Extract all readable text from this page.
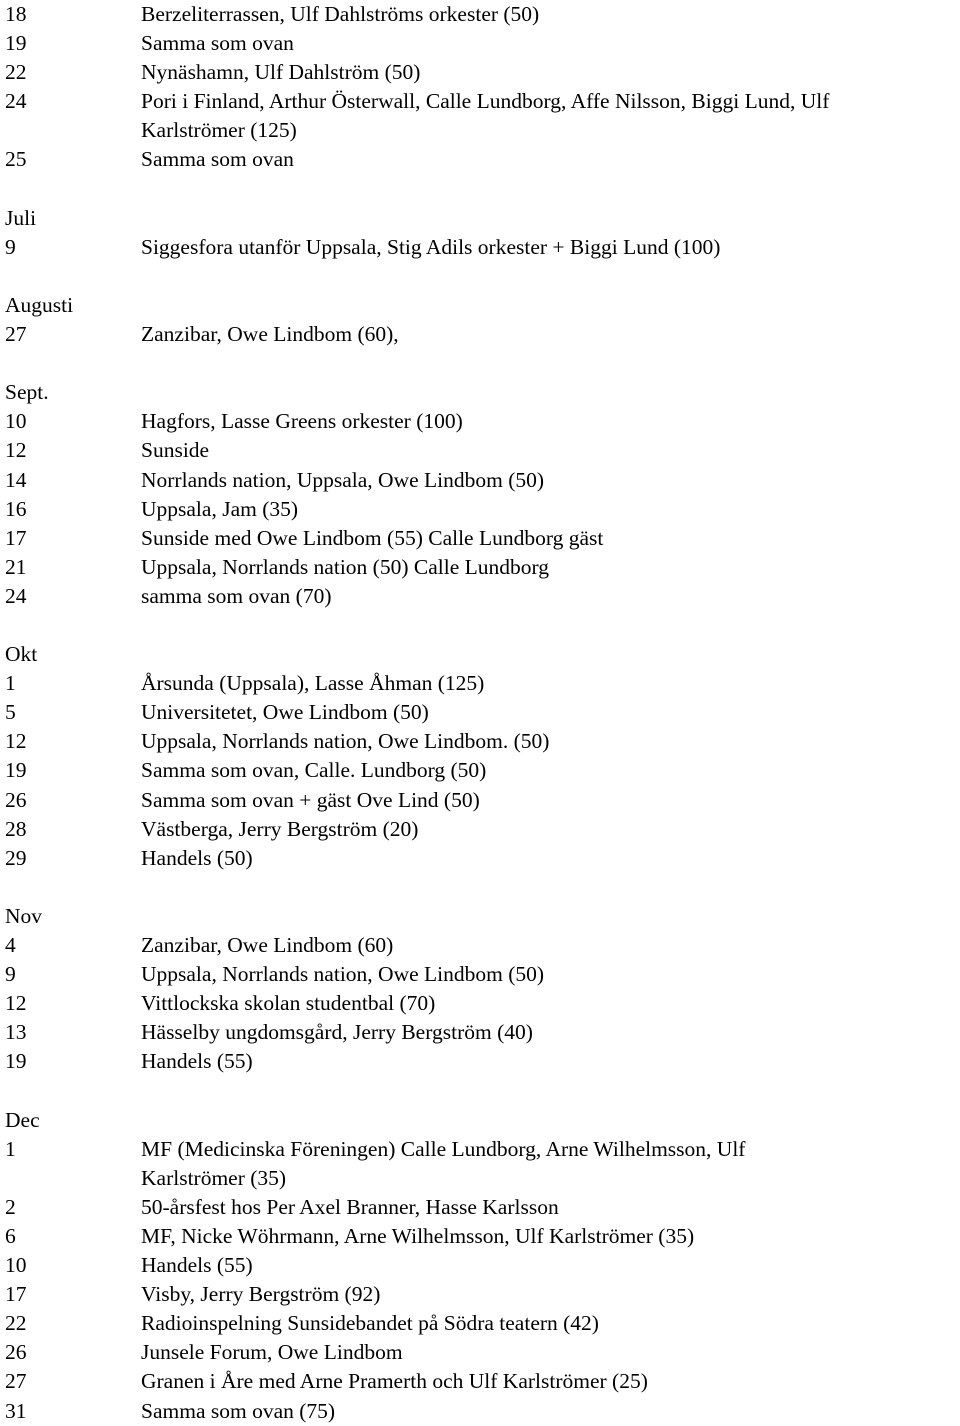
18	Berzeliterrassen, Ulf Dahlströms orkester (50)
19	Samma som ovan
22	Nynäshamn, Ulf Dahlström (50)
24	Pori i Finland, Arthur Österwall, Calle Lundborg, Affe Nilsson, Biggi Lund, Ulf
Karlströmer (125)
25	Samma som ovan
Juli
9	Siggesfora utanför Uppsala, Stig Adils orkester + Biggi Lund (100)
Augusti
27	Zanzibar, Owe Lindbom (60),
Sept.
10	Hagfors, Lasse Greens orkester (100)
12	Sunside
14	Norrlands nation, Uppsala, Owe Lindbom (50)
16	Uppsala, Jam (35)
17	Sunside med Owe Lindbom (55) Calle Lundborg gäst
21	Uppsala, Norrlands nation (50) Calle Lundborg
24	samma som ovan (70)
Okt
1	Årsunda (Uppsala), Lasse Åhman (125)
5	Universitetet, Owe Lindbom (50)
12	Uppsala, Norrlands nation, Owe Lindbom. (50)
19	Samma som ovan, Calle. Lundborg (50)
26	Samma som ovan + gäst Ove Lind (50)
28	Västberga, Jerry Bergström (20)
29	Handels (50)
Nov
4	Zanzibar, Owe Lindbom (60)
9	Uppsala, Norrlands nation, Owe Lindbom (50)
12	Vittlockska skolan studentbal (70)
13	Hässelby ungdomsgård, Jerry Bergström (40)
19	Handels (55)
Dec
1	MF (Medicinska Föreningen) Calle Lundborg, Arne Wilhelmsson, Ulf
Karlströmer (35)
2	50-årsfest hos Per Axel Branner, Hasse Karlsson
6	MF, Nicke Wöhrmann, Arne Wilhelmsson, Ulf Karlströmer (35)
10	Handels (55)
17	Visby, Jerry Bergström (92)
22	Radioinspelning Sunsidebandet på Södra teatern (42)
26	Junsele Forum, Owe Lindbom
27	Granen i Åre med Arne Pramerth och Ulf Karlströmer (25)
31	Samma som ovan (75)
